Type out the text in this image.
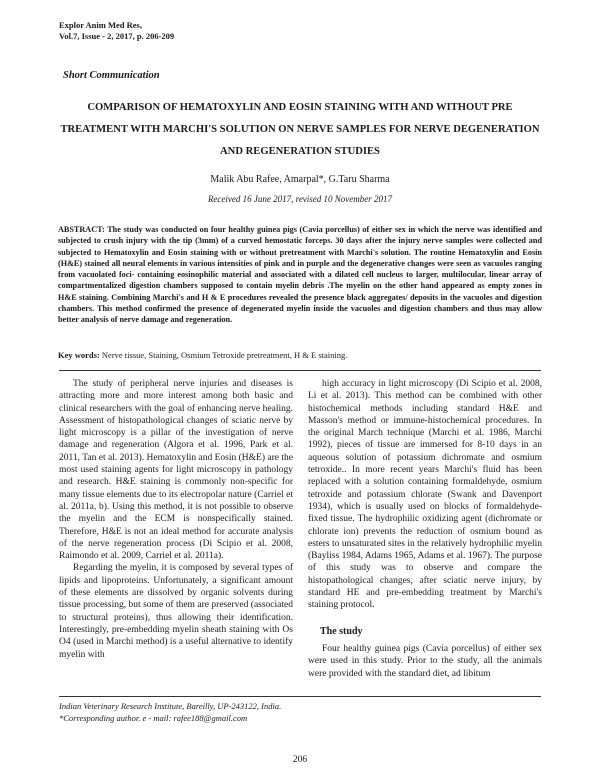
Explor Anim Med Res,
Vol.7, Issue - 2, 2017, p. 206-209
Short Communication
COMPARISON OF HEMATOXYLIN AND EOSIN STAINING WITH AND WITHOUT PRE TREATMENT WITH MARCHI'S SOLUTION ON NERVE SAMPLES FOR NERVE DEGENERATION AND REGENERATION STUDIES
Malik Abu Rafee, Amarpal*, G.Taru Sharma
Received 16 June 2017, revised 10 November 2017
ABSTRACT: The study was conducted on four healthy guinea pigs (Cavia porcellus) of either sex in which the nerve was identified and subjected to crush injury with the tip (3mm) of a curved hemostatic forceps. 30 days after the injury nerve samples were collected and subjected to Hematoxylin and Eosin staining with or without pretreatment with Marchi's solution. The routine Hematoxylin and Eosin (H&E) stained all neural elements in various intensities of pink and in purple and the degenerative changes were seen as vacuoles ranging from vacuolated foci- containing eosinophilic material and associated with a dilated cell nucleus to larger, multilocular, linear array of compartmentalized digestion chambers supposed to contain myelin debris .The myelin on the other hand appeared as empty zones in H&E staining. Combining Marchi's and H & E procedures revealed the presence black aggregates/ deposits in the vacuoles and digestion chambers. This method confirmed the presence of degenerated myelin inside the vacuoles and digestion chambers and thus may allow better analysis of nerve damage and regeneration.
Key words: Nerve tissue, Staining, Osmium Tetroxide pretreatment, H & E staining.

The study of peripheral nerve injuries and diseases is attracting more and more interest among both basic and clinical researchers with the goal of enhancing nerve healing. Assessment of histopathological changes of sciatic nerve by light microscopy is a pillar of the investigation of nerve damage and regeneration (Algora et al. 1996, Park et al. 2011, Tan et al. 2013). Hematoxylin and Eosin (H&E) are the most used staining agents for light microscopy in pathology and research. H&E staining is commonly non-specific for many tissue elements due to its electropolar nature (Carriel et al. 2011a, b). Using this method, it is not possible to observe the myelin and the ECM is nonspecifically stained. Therefore, H&E is not an ideal method for accurate analysis of the nerve regeneration process (Di Scipio et al. 2008, Raimondo et al. 2009, Carriel et al. 2011a).

Regarding the myelin, it is composed by several types of lipids and lipoproteins. Unfortunately, a significant amount of these elements are dissolved by organic solvents during tissue processing, but some of them are preserved (associated to structural proteins), thus allowing their identification. Interestingly, pre-embedding myelin sheath staining with Os O4 (used in Marchi method) is a useful alternative to identify myelin with

high accuracy in light microscopy (Di Scipio et al. 2008, Li et al. 2013). This method can be combined with other histochemical methods including standard H&E and Masson's method or immune-histochemical procedures. In the original March technique (Marchi et al. 1986, Marchi 1992), pieces of tissue are immersed for 8-10 days in an aqueous solution of potassium dichromate and osmium tetroxide.. In more recent years Marchi's fluid has been replaced with a solution containing formaldehyde, osmium tetroxide and potassium chlorate (Swank and Davenport 1934), which is usually used on blocks of formaldehyde-fixed tissue. The hydrophilic oxidizing agent (dichromate or chlorate ion) prevents the reduction of osmium bound as esters to unsaturated sites in the relatively hydrophilic myelin (Bayliss 1984, Adams 1965, Adams et al. 1967). The purpose of this study was to observe and compare the histopathological changes, after sciatic nerve injury, by standard HE and pre-embedding treatment by Marchi's staining protocol.

The study

Four healthy guinea pigs (Cavia porcellus) of either sex were used in this study. Prior to the study, all the animals were provided with the standard diet, ad libitum

Indian Veterinary Research Institute, Bareilly, UP-243122, India.
*Corresponding author. e - mail: rafee188@gmail.com
206
